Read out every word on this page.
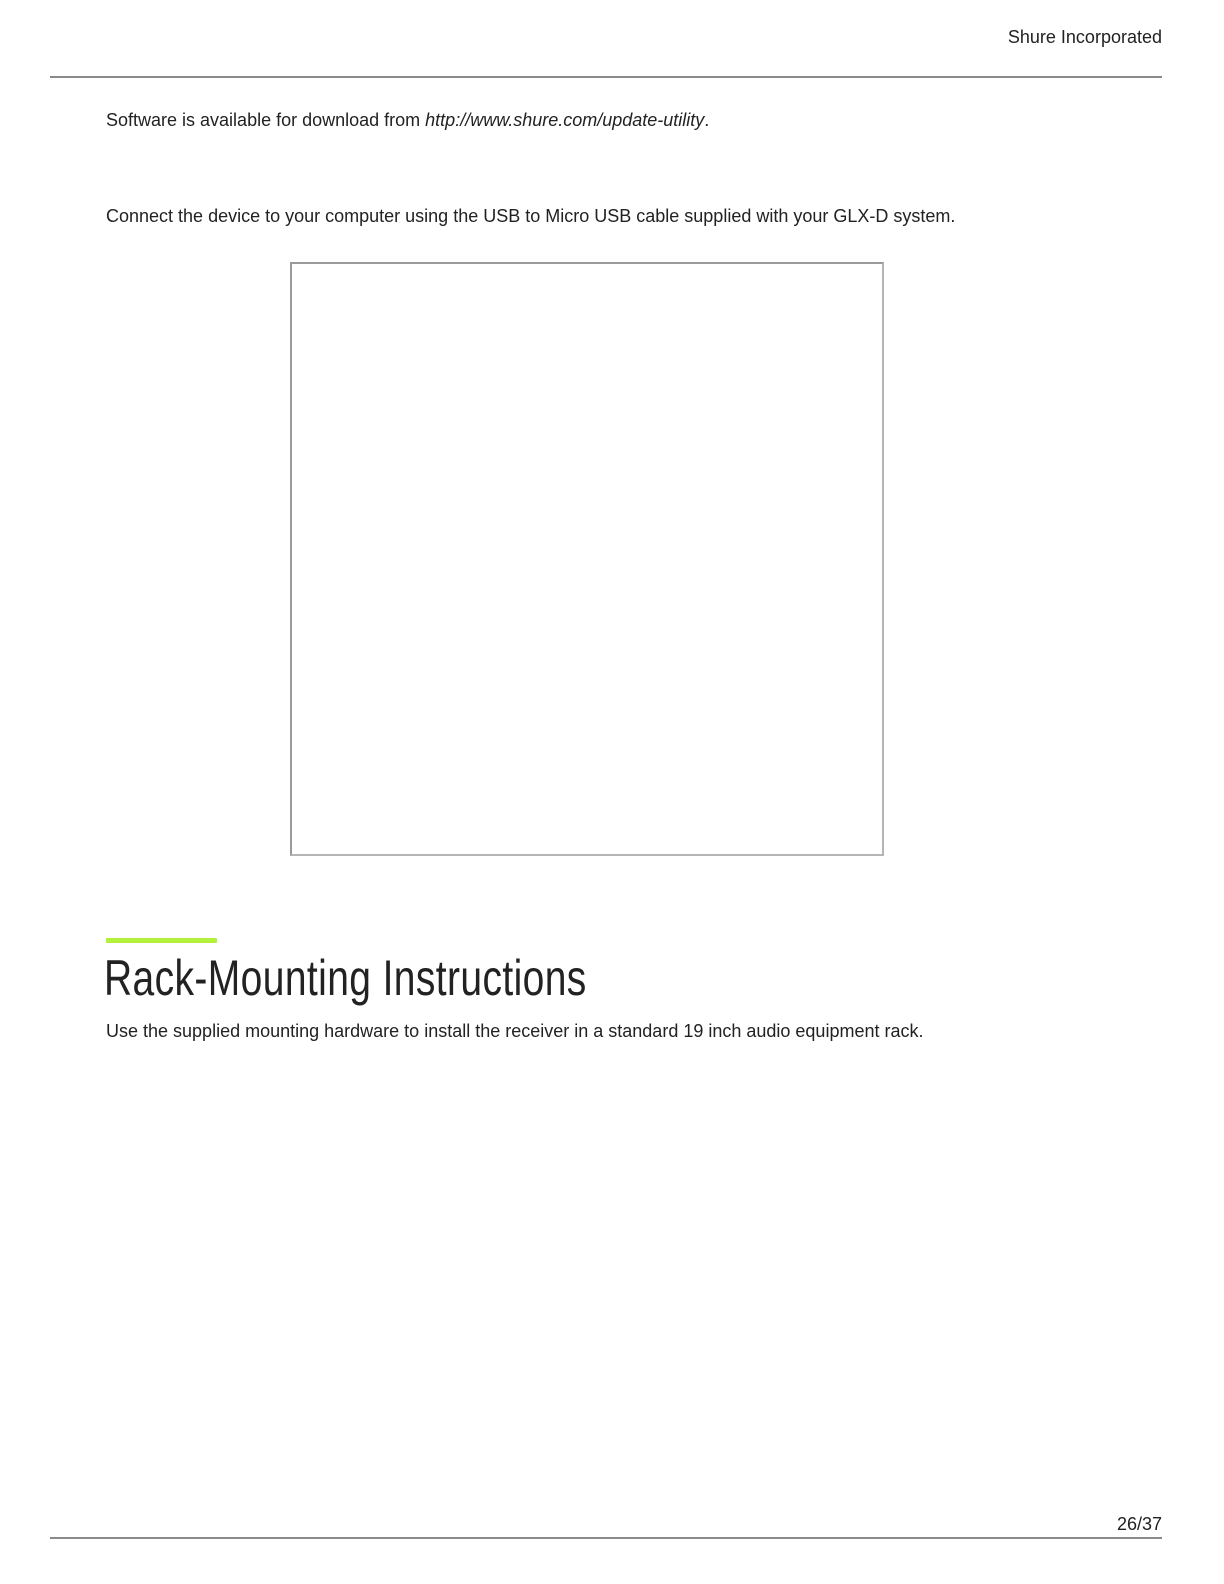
Shure Incorporated

Software is available for download from http://www.shure.com/update-utility.

Connect the device to your computer using the USB to Micro USB cable supplied with your GLX-D system.

Rack-Mounting Instructions

Use the supplied mounting hardware to install the receiver in a standard 19 inch audio equipment rack.

26/37
